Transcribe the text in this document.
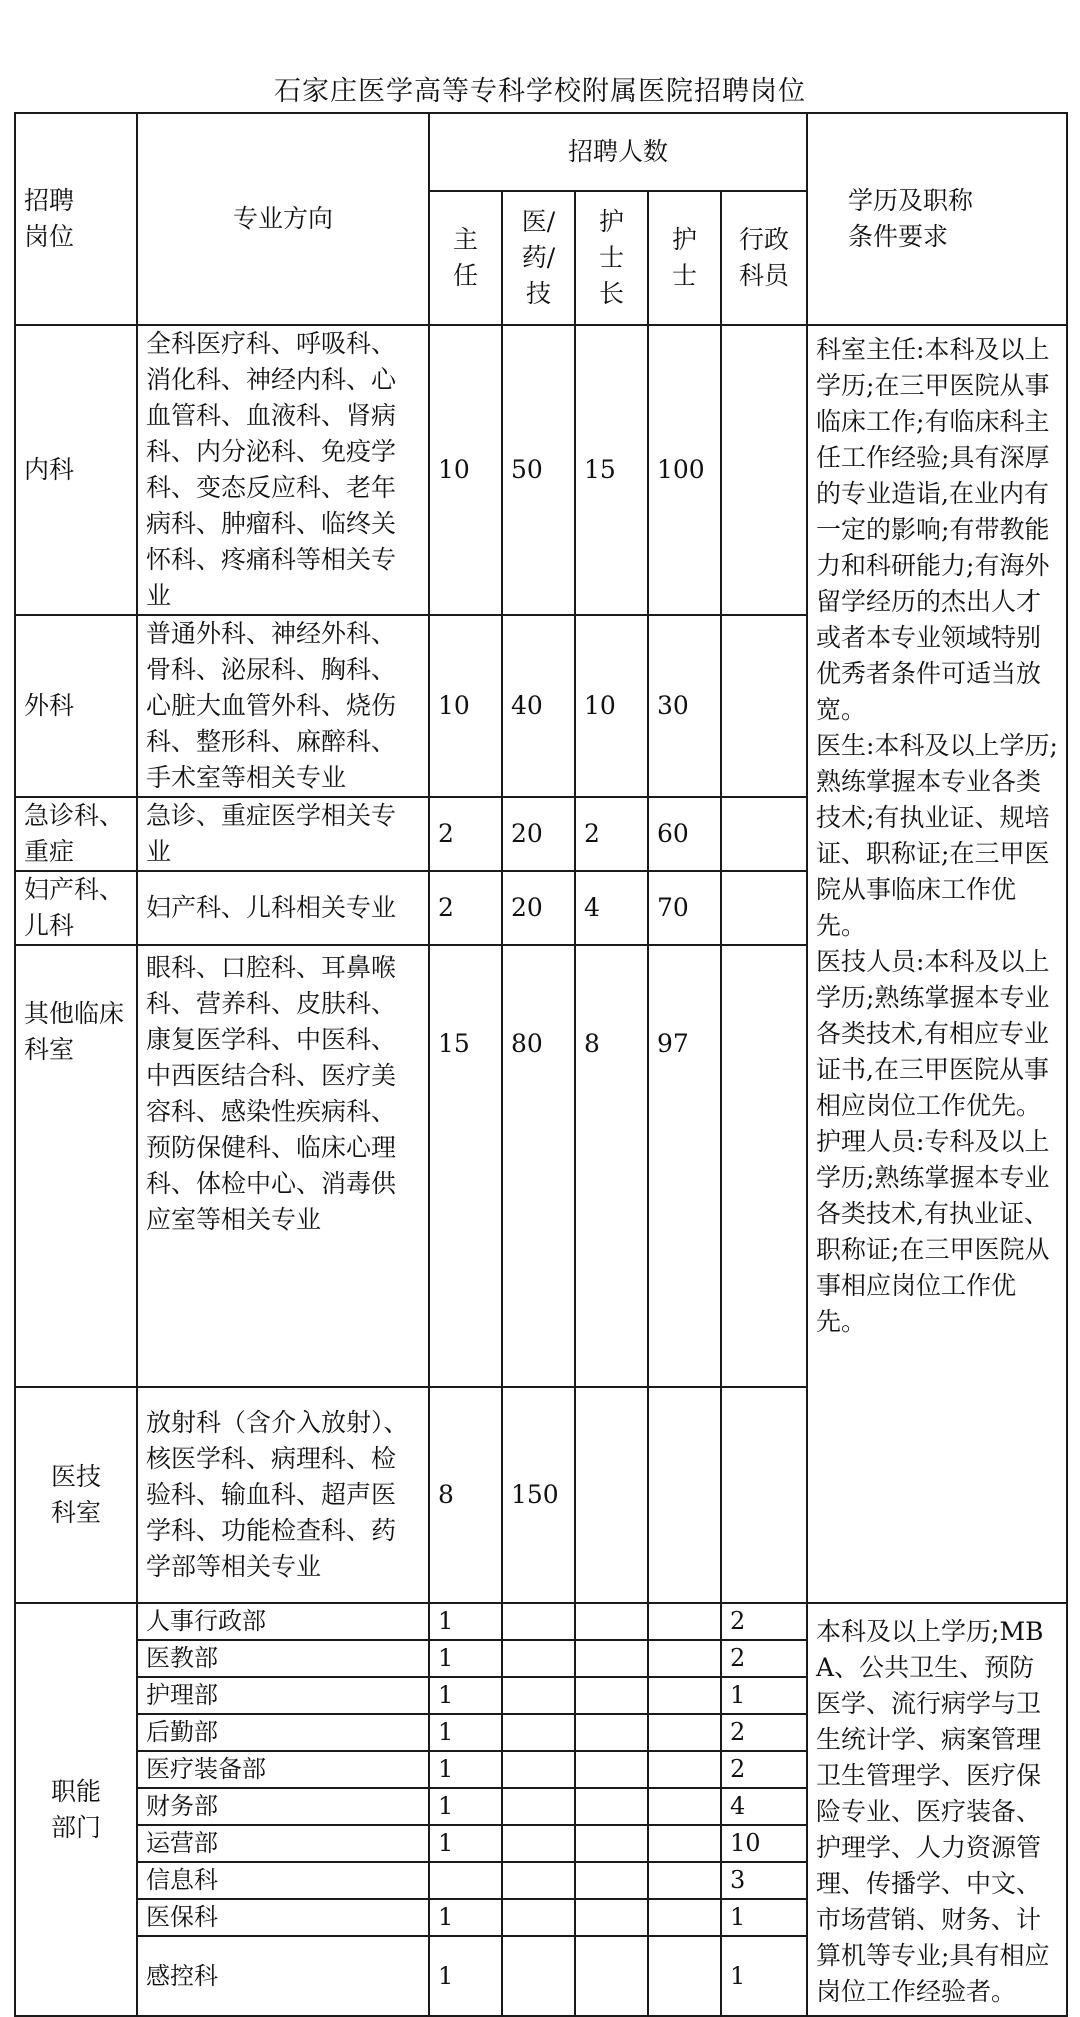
石家庄医学高等专科学校附属医院招聘岗位
招聘
岗位	专业方向	招聘人数					学历及职称
条件要求

		主
任	医/
药/
技	护
士
长	护
士	行政
科员	

内科	全科医疗科、呼吸科、消化科、神经内科、心血管科、血液科、肾病科、内分泌科、免疫学科、变态反应科、老年病科、肿瘤科、临终关怀科、疼痛科等相关专业	10	50	15	100		科室主任:本科及以上学历;在三甲医院从事临床工作;有临床科主任工作经验;具有深厚的专业造诣,在业内有一定的影响;有带教能力和科研能力;有海外留学经历的杰出人才或者本专业领域特别优秀者条件可适当放宽。
医生:本科及以上学历;熟练掌握本专业各类技术;有执业证、规培证、职称证;在三甲医院从事临床工作优先。
医技人员:本科及以上学历;熟练掌握本专业各类技术,有相应专业证书,在三甲医院从事相应岗位工作优先。
护理人员:专科及以上学历;熟练掌握本专业各类技术,有执业证、职称证;在三甲医院从事相应岗位工作优先。

外科	普通外科、神经外科、骨科、泌尿科、胸科、心脏大血管外科、烧伤科、整形科、麻醉科、手术室等相关专业	10	40	10	30		
急诊科、重症	急诊、重症医学相关专业	2	20	2	60		
妇产科、儿科	妇产科、儿科相关专业	2	20	4	70		
其他临床科室	眼科、口腔科、耳鼻喉科、营养科、皮肤科、康复医学科、中医科、中西医结合科、医疗美容科、感染性疾病科、预防保健科、临床心理科、体检中心、消毒供应室等相关专业	15	80	8	97		

医技
科室	放射科（含介入放射）、核医学科、病理科、检验科、输血科、超声医学科、功能检查科、药学部等相关专业	8	150				

职能
部门	人事行政部	1				2	本科及以上学历;MBA、公共卫生、预防医学、流行病学与卫生统计学、病案管理卫生管理学、医疗保险专业、医疗装备、护理学、人力资源管理、传播学、中文、市场营销、财务、计算机等专业;具有相应岗位工作经验者。

	医教部	1				2	
	护理部	1				1	
	后勤部	1				2	
	医疗装备部	1				2	
	财务部	1				4	
	运营部	1				10	
	信息科					3	
	医保科	1				1	
	感控科	1				1	
